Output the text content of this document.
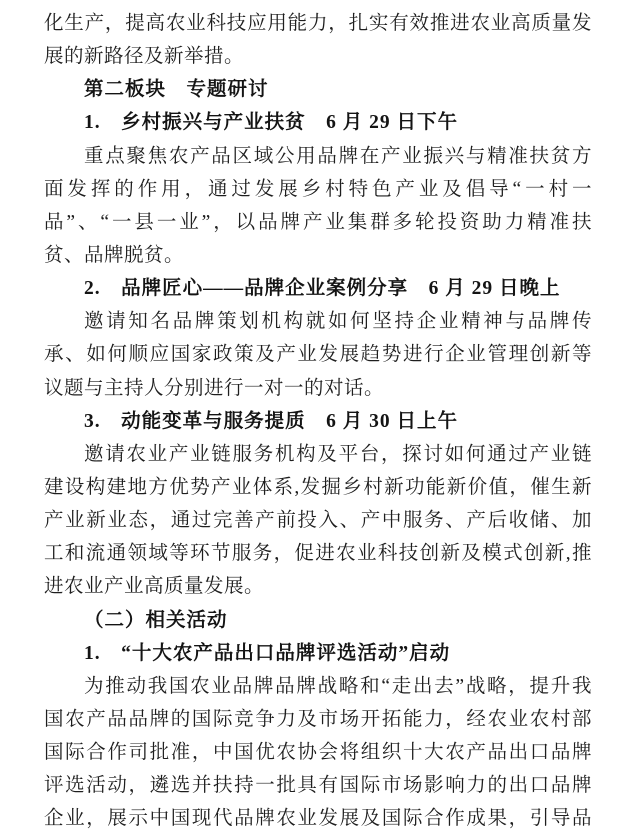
化生产，提高农业科技应用能力，扎实有效推进农业高质量发
展的新路径及新举措。
第二板块　专题研讨
1.　乡村振兴与产业扶贫　6 月 29 日下午
重点聚焦农产品区域公用品牌在产业振兴与精准扶贫方
面发挥的作用，通过发展乡村特色产业及倡导“一村一
品”、“一县一业”，以品牌产业集群多轮投资助力精准扶
贫、品牌脱贫。
2.　品牌匠心——品牌企业案例分享　6 月 29 日晚上
邀请知名品牌策划机构就如何坚持企业精神与品牌传
承、如何顺应国家政策及产业发展趋势进行企业管理创新等
议题与主持人分别进行一对一的对话。
3.　动能变革与服务提质　6 月 30 日上午
邀请农业产业链服务机构及平台，探讨如何通过产业链
建设构建地方优势产业体系,发掘乡村新功能新价值，催生新
产业新业态，通过完善产前投入、产中服务、产后收储、加
工和流通领域等环节服务，促进农业科技创新及模式创新,推
进农业产业高质量发展。
（二）相关活动
1.　“十大农产品出口品牌评选活动”启动
为推动我国农业品牌品牌战略和“走出去”战略，提升我
国农产品品牌的国际竞争力及市场开拓能力，经农业农村部
国际合作司批准，中国优农协会将组织十大农产品出口品牌
评选活动，遴选并扶持一批具有国际市场影响力的出口品牌
企业，展示中国现代品牌农业发展及国际合作成果，引导品
